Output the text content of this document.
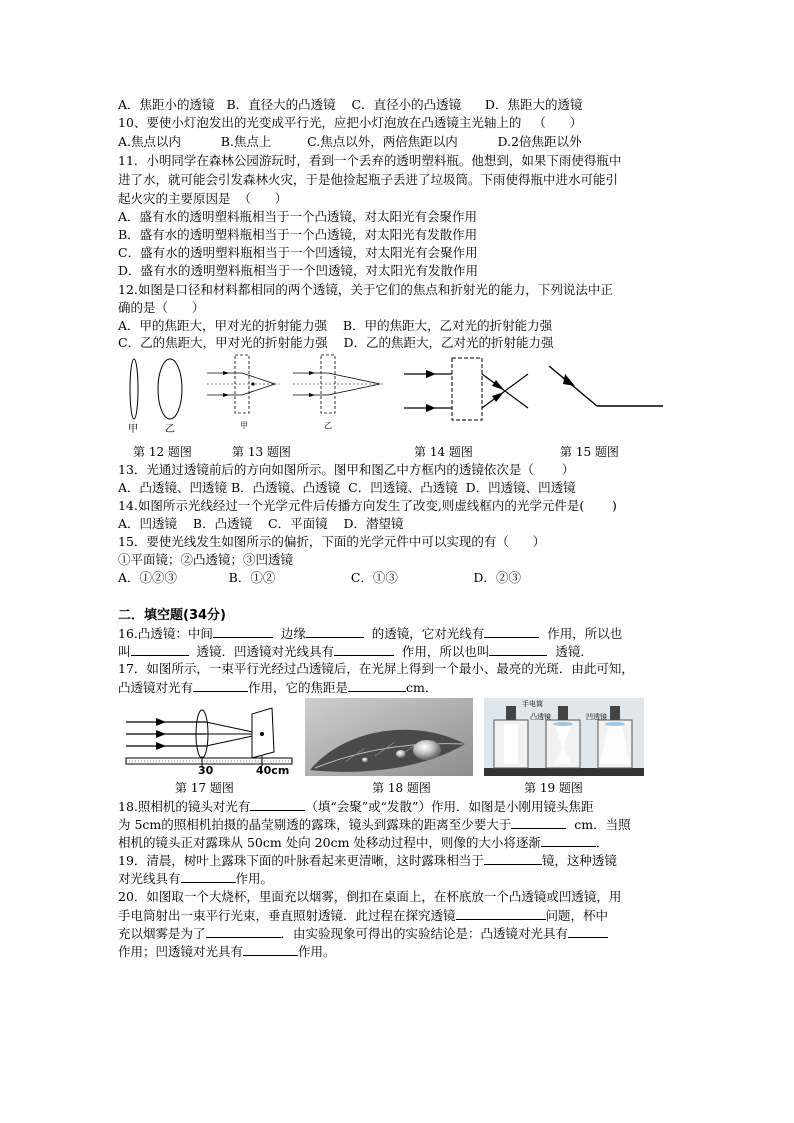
A．焦距小的透镜   B．直径大的凸透镜    C．直径小的凸透镜      D．焦距大的透镜
10、要使小灯泡发出的光变成平行光，应把小灯泡放在凸透镜主光轴上的   （      ）
A.焦点以内          B.焦点上         C.焦点以外，两倍焦距以内          D.2倍焦距以外
11．小明同学在森林公园游玩时，看到一个丢弃的透明塑料瓶。他想到，如果下雨使得瓶中
进了水，就可能会引发森林火灾，于是他捡起瓶子丢进了垃圾筒。下雨使得瓶中进水可能引
起火灾的主要原因是  （      ）
A．盛有水的透明塑料瓶相当于一个凸透镜，对太阳光有会聚作用
B．盛有水的透明塑料瓶相当于一个凸透镜，对太阳光有发散作用
C．盛有水的透明塑料瓶相当于一个凹透镜，对太阳光有会聚作用
D．盛有水的透明塑料瓶相当于一个凹透镜，对太阳光有发散作用
12.如图是口径和材料都相同的两个透镜，关于它们的焦点和折射光的能力，下列说法中正
确的是（      ）
A．甲的焦距大，甲对光的折射能力强    B．甲的焦距大，乙对光的折射能力强
C．乙的焦距大，甲对光的折射能力强    D．乙的焦距大，乙对光的折射能力强
甲	乙	甲	乙
第 12 题图	第 13 题图	第 14 题图	第 15 题图
13．光通过透镜前后的方向如图所示。图甲和图乙中方框内的透镜依次是（       ）
A．凸透镜、凹透镜 B．凸透镜、凸透镜  C．凹透镜、凸透镜  D．凹透镜、凹透镜
14.如图所示光线经过一个光学元件后传播方向发生了改变,则虚线框内的光学元件是(       )
A．凹透镜    B．凸透镜    C．平面镜    D．潜望镜
15．要使光线发生如图所示的偏折，下面的光学元件中可以实现的有（      ）
①平面镜；②凸透镜；③凹透镜
A．①②③             B．①②                   C．①③                   D．②③
二．填空题(34分)
16.凸透镜：中间	边缘	的透镜，它对光线有	作用，所以也
叫	透镜．凹透镜对光线具有	作用，所以也叫	透镜．
17．如图所示，一束平行光经过凸透镜后，在光屏上得到一个最小、最亮的光斑．由此可知，
凸透镜对光有	作用，它的焦距是	cm．
30	40cm
手电筒
凸透镜	凹透镜
第 17 题图	第 18 题图	第 19 题图
18.照相机的镜头对光有	（填“会聚”或“发散”）作用．如图是小刚用镜头焦距
为 5cm的照相机拍摄的晶莹剔透的露珠，镜头到露珠的距离至少要大于	cm．当照
相机的镜头正对露珠从 50cm 处向 20cm 处移动过程中，则像的大小将逐渐	．
19．清晨，树叶上露珠下面的叶脉看起来更清晰，这时露珠相当于	镜，这种透镜
对光线具有	作用。
20．如图取一个大烧杯，里面充以烟雾，倒扣在桌面上，在杯底放一个凸透镜或凹透镜，用
手电筒射出一束平行光束，垂直照射透镜．此过程在探究透镜	问题，杯中
充以烟雾是为了	．由实验现象可得出的实验结论是：凸透镜对光具有
作用；凹透镜对光具有	作用。
